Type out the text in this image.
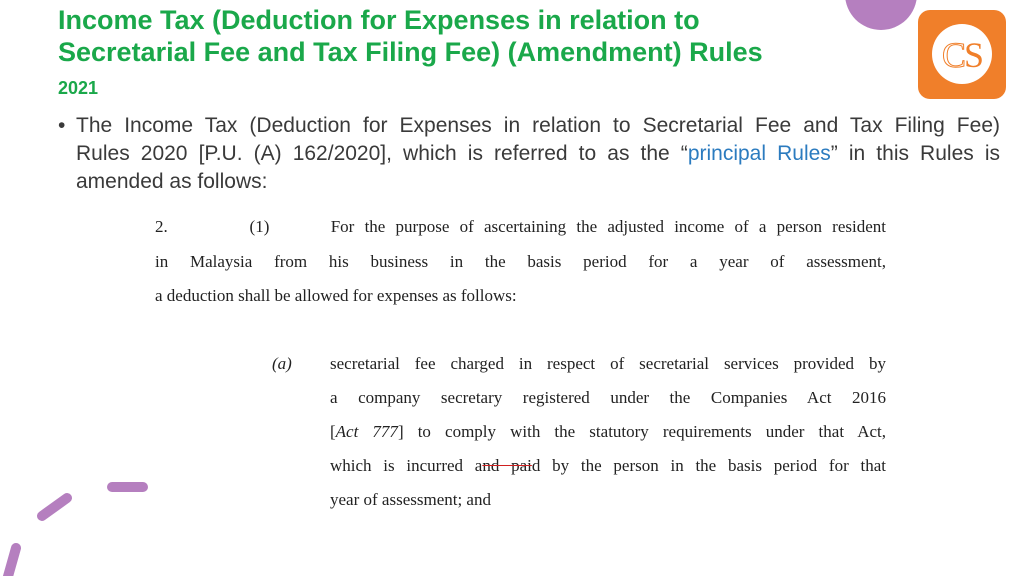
CS
Income Tax (Deduction for Expenses in relation to
Secretarial Fee and Tax Filing Fee) (Amendment) Rules
2021
• The Income Tax (Deduction for Expenses in relation to Secretarial Fee and Tax Filing Fee)
Rules 2020 [P.U. (A) 162/2020], which is referred to as the “principal Rules” in this Rules is
amended as follows:
2.        (1)      For the purpose of ascertaining the adjusted income of a person resident
in Malaysia from his business in the basis period for a year of assessment,
a deduction shall be allowed for expenses as follows:
(a) secretarial fee charged in respect of secretarial services provided by
a company secretary registered under the Companies Act 2016
[Act 777] to comply with the statutory requirements under that Act,
which is incurred and paid by the person in the basis period for that
year of assessment; and
